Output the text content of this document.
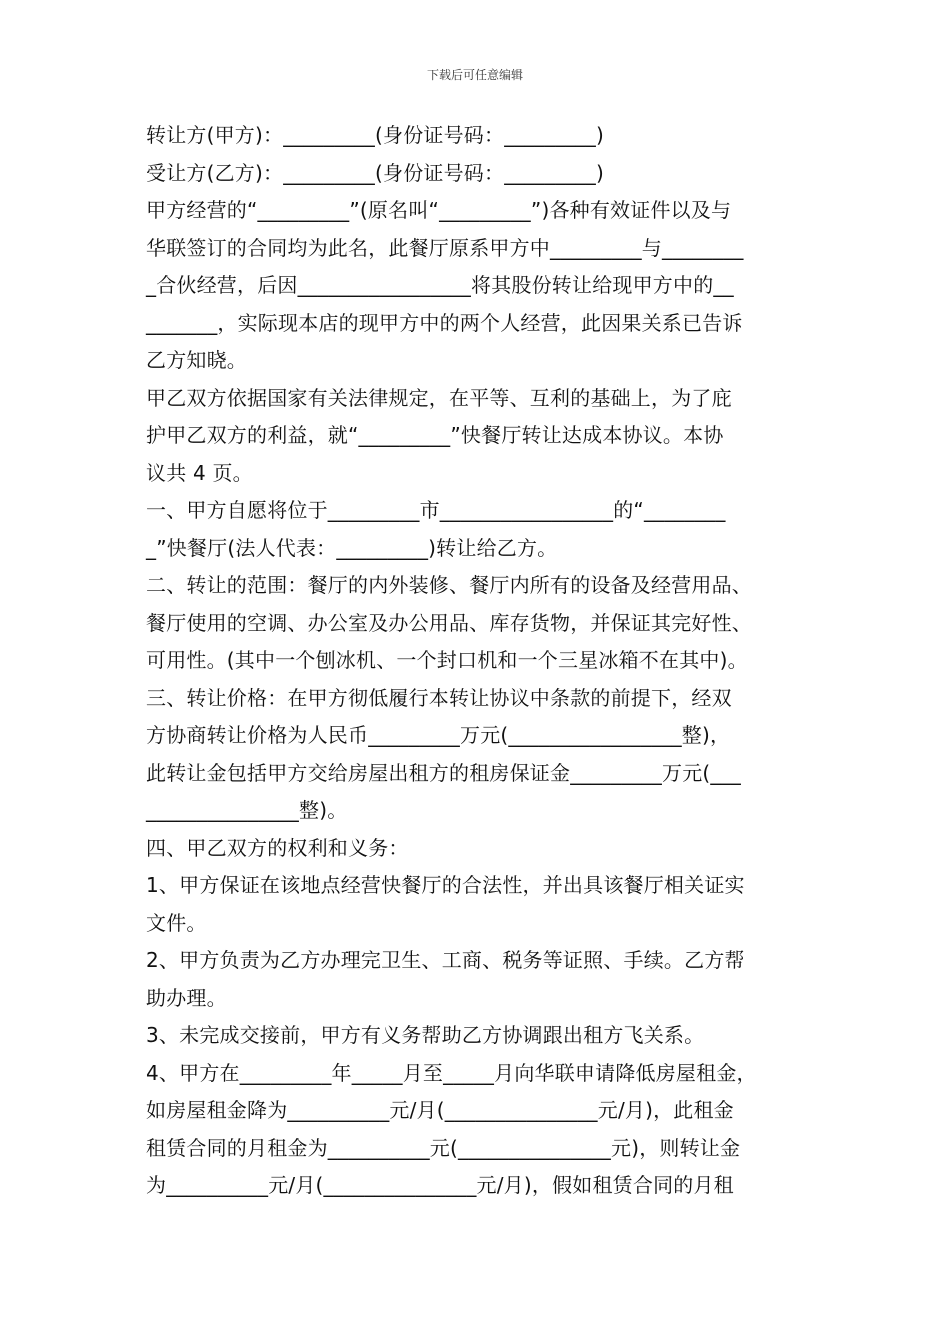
下载后可任意编辑
转让方(甲方)：_________(身份证号码：_________)
受让方(乙方)：_________(身份证号码：_________)
甲方经营的“_________”(原名叫“_________”)各种有效证件以及与
华联签订的合同均为此名，此餐厅原系甲方中_________与________
_合伙经营，后因_________________将其股份转让给现甲方中的__
_______，实际现本店的现甲方中的两个人经营，此因果关系已告诉
乙方知晓。
甲乙双方依据国家有关法律规定，在平等、互利的基础上，为了庇
护甲乙双方的利益，就“_________”快餐厅转让达成本协议。本协
议共 4 页。
一、甲方自愿将位于_________市_________________的“________
_”快餐厅(法人代表：_________)转让给乙方。
二、转让的范围：餐厅的内外装修、餐厅内所有的设备及经营用品、
餐厅使用的空调、办公室及办公用品、库存货物，并保证其完好性、
可用性。(其中一个刨冰机、一个封口机和一个三星冰箱不在其中)。
三、转让价格：在甲方彻低履行本转让协议中条款的前提下，经双
方协商转让价格为人民币_________万元(_________________整)，
此转让金包括甲方交给房屋出租方的租房保证金_________万元(___
_______________整)。
四、甲乙双方的权利和义务：
1、甲方保证在该地点经营快餐厅的合法性，并出具该餐厅相关证实
文件。
2、甲方负责为乙方办理完卫生、工商、税务等证照、手续。乙方帮
助办理。
3、未完成交接前，甲方有义务帮助乙方协调跟出租方飞关系。
4、甲方在_________年_____月至_____月向华联申请降低房屋租金，
如房屋租金降为__________元/月(_______________元/月)，此租金
租赁合同的月租金为__________元(_______________元)，则转让金
为__________元/月(_______________元/月)，假如租赁合同的月租
